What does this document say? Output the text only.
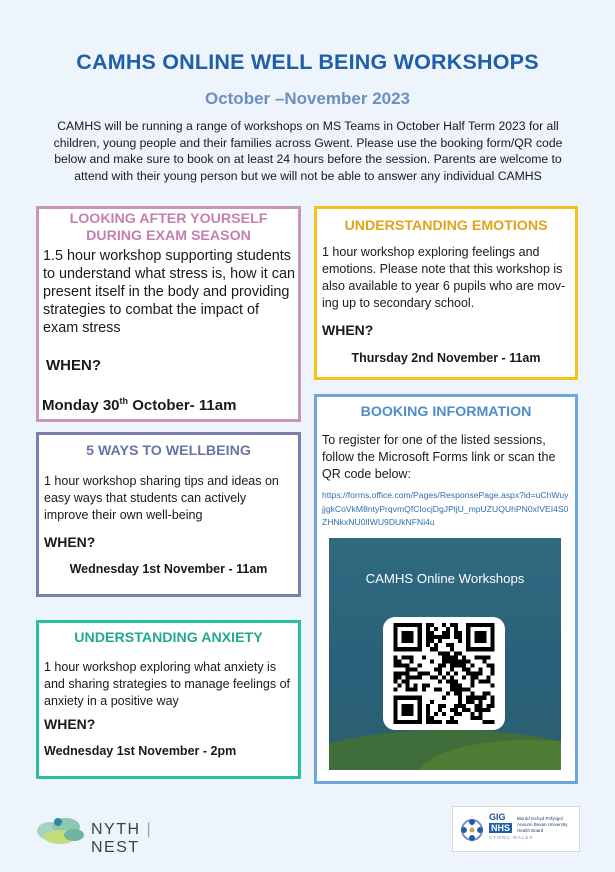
CAMHS ONLINE WELL BEING WORKSHOPS
October –November 2023
CAMHS will be running a range of workshops on MS Teams in October Half Term 2023 for all children, young people and their families across Gwent. Please use the booking form/QR code below and make sure to book on at least 24 hours before the session. Parents are welcome to attend with their young person but we will not be able to answer any individual CAMHS
LOOKING AFTER YOURSELF DURING EXAM SEASON
1.5 hour workshop supporting students to understand what stress is, how it can present itself in the body and providing strategies to combat the impact of exam stress
WHEN?
Monday 30th October- 11am
UNDERSTANDING EMOTIONS
1 hour workshop exploring feelings and emotions. Please note that this workshop is also available to year 6 pupils who are mov- ing up to secondary school.
WHEN?
Thursday 2nd November - 11am
5 WAYS TO WELLBEING
1 hour workshop sharing tips and ideas on easy ways that students can actively improve their own well-being
WHEN?
Wednesday 1st November - 11am
UNDERSTANDING ANXIETY
1 hour workshop exploring what anxiety is and sharing strategies to manage feelings of anxiety in a positive way
WHEN?
Wednesday 1st November - 2pm
BOOKING INFORMATION
To register for one of the listed sessions, follow the Microsoft Forms link or scan the QR code below:
https://forms.office.com/Pages/ResponsePage.aspx?id=uChWuyjjgkCoVkM8ntyPrqvmQfCIocjDgJPljU_mpUZUQUhPN0xIVEI4S0ZHNkxNU0lIWU9DUkNFNi4u
CAMHS Online Workshops
NYTH | NEST
GIG
NHS
CYMRU WALES
Bwrdd Iechyd Prifysgol Aneurin Bevan University Health Board
